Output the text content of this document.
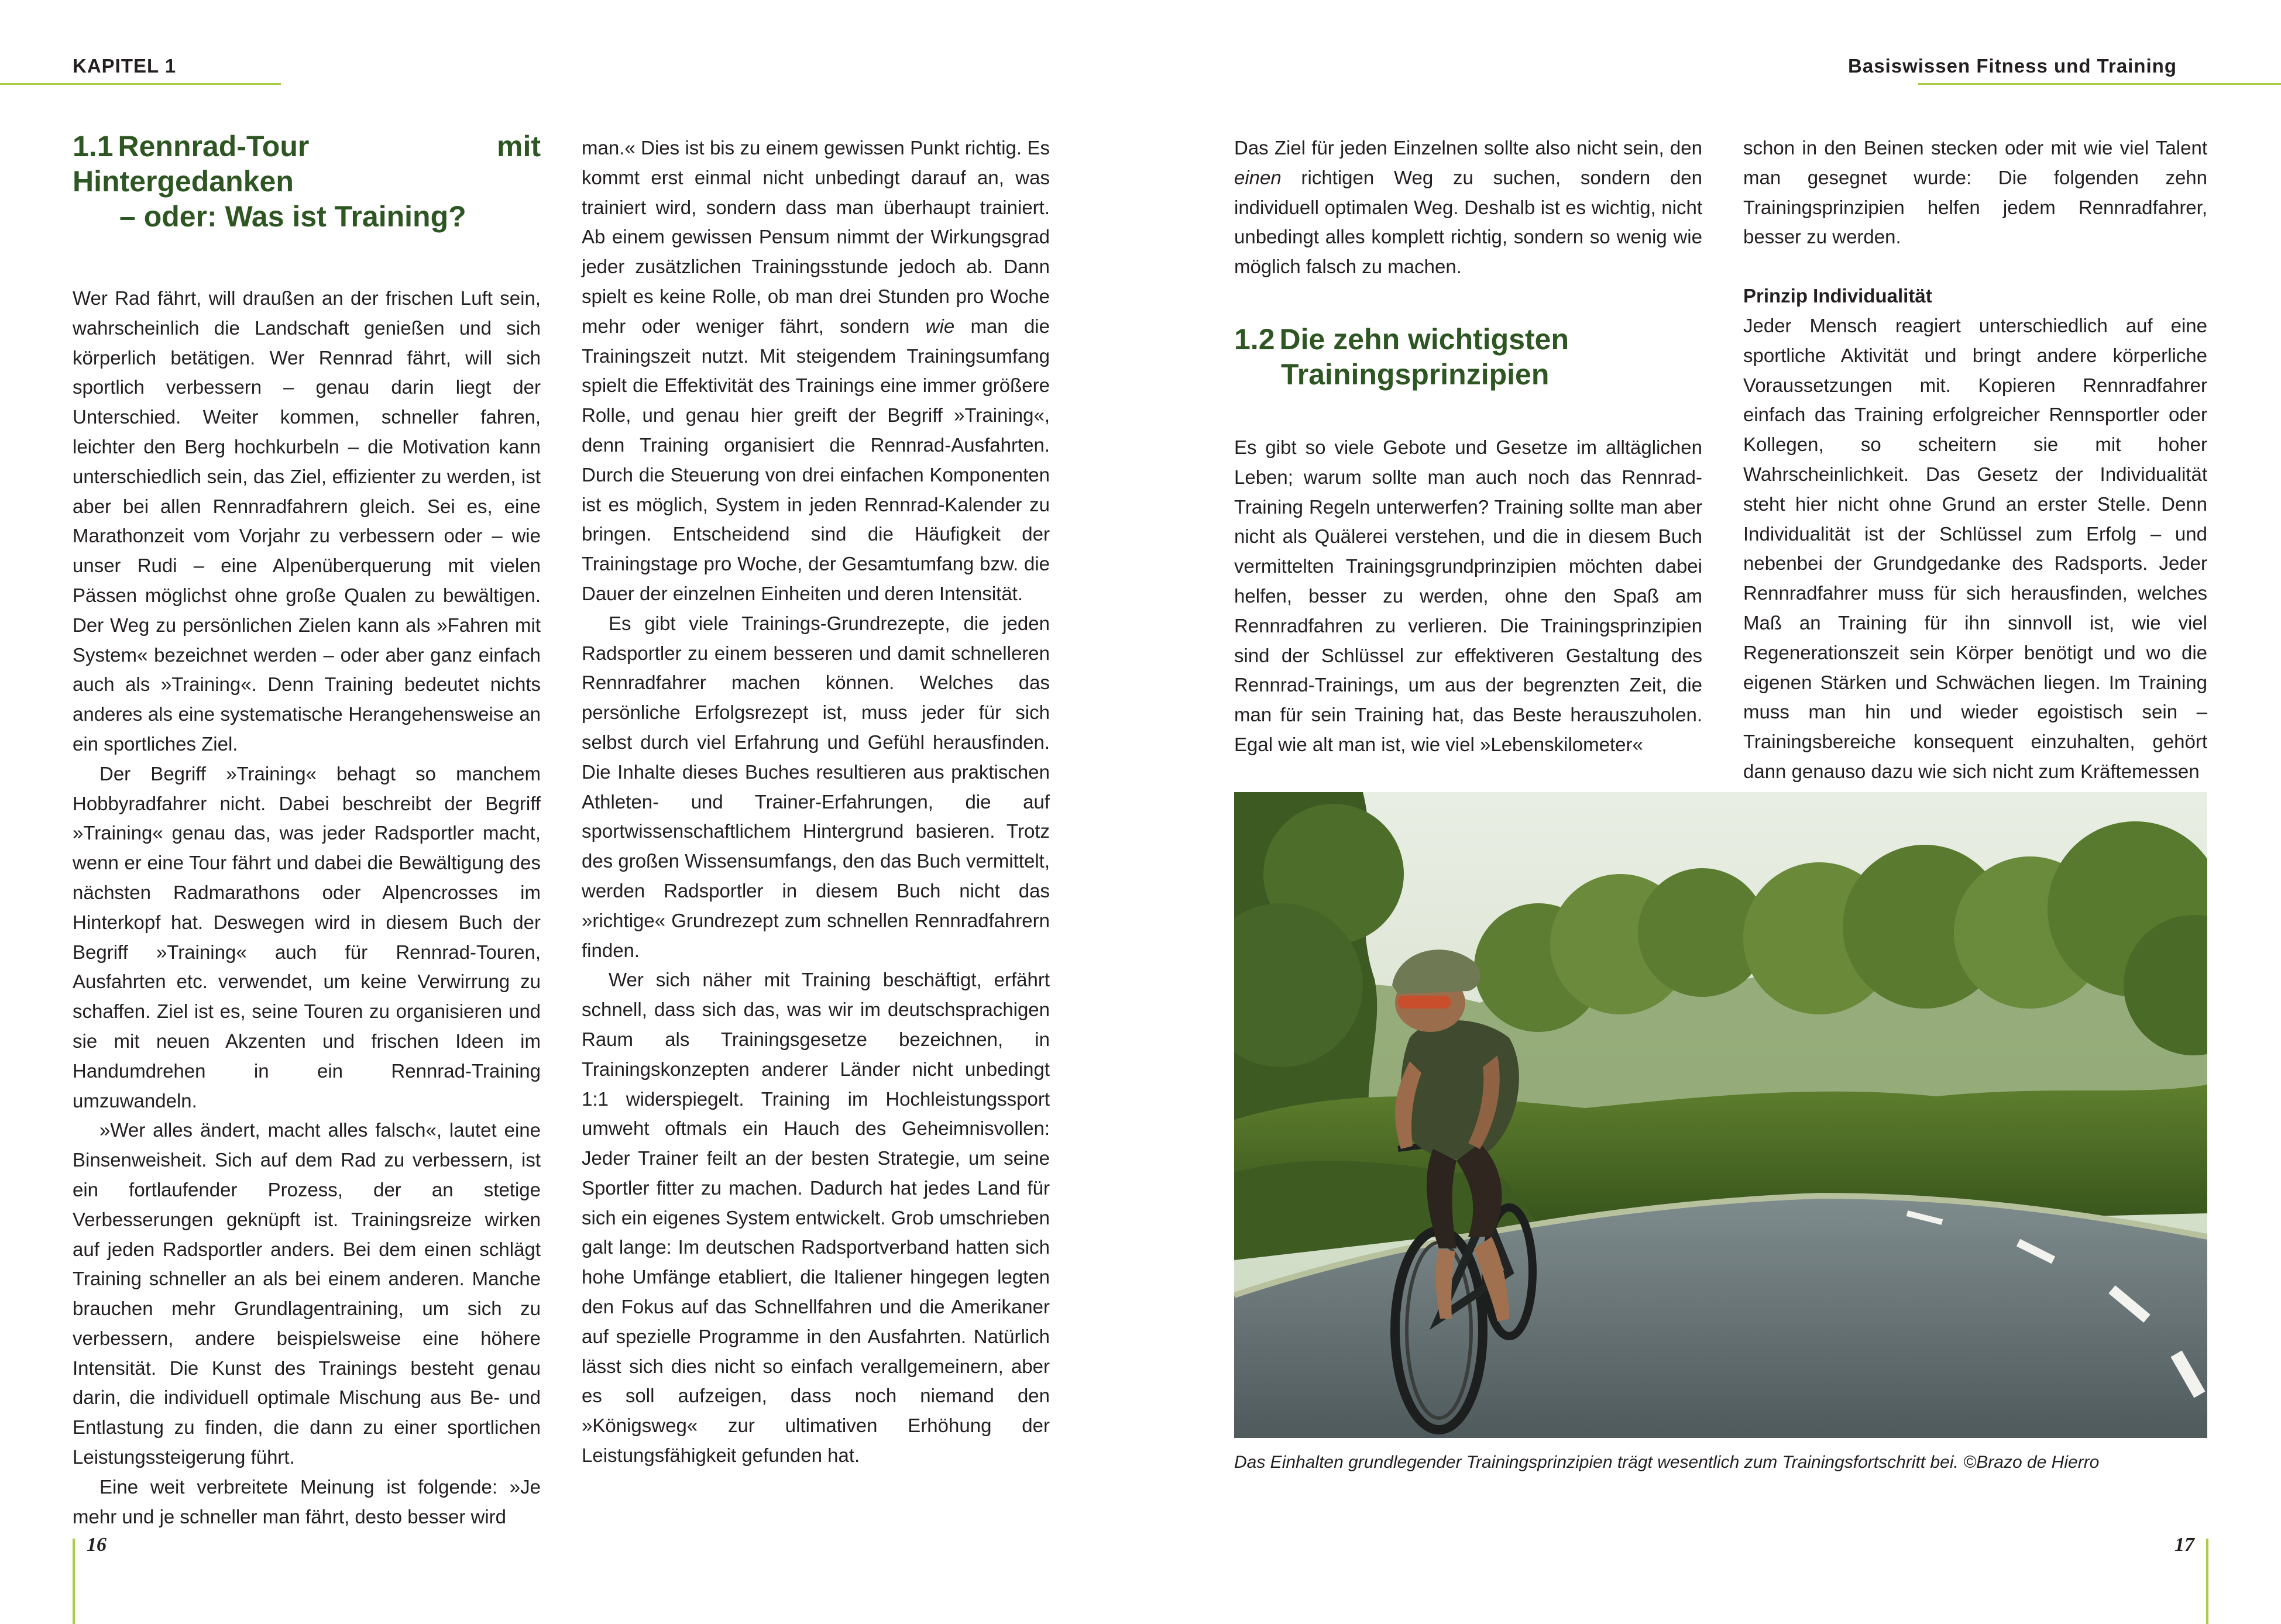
KAPITEL 1
1.1 Rennrad-Tour mit Hintergedanken
– oder: Was ist Training?

Wer Rad fährt, will draußen an der frischen Luft sein, wahrscheinlich die Landschaft genießen und sich körperlich betätigen. Wer Rennrad fährt, will sich sportlich verbessern – genau darin liegt der Unterschied. Weiter kommen, schneller fahren, leichter den Berg hochkurbeln – die Motivation kann unterschiedlich sein, das Ziel, effizienter zu werden, ist aber bei allen Rennradfahrern gleich. Sei es, eine Marathonzeit vom Vorjahr zu verbessern oder – wie unser Rudi – eine Alpenüberquerung mit vielen Pässen möglichst ohne große Qualen zu bewältigen. Der Weg zu persönlichen Zielen kann als »Fahren mit System« bezeichnet werden – oder aber ganz einfach auch als »Training«. Denn Training bedeutet nichts anderes als eine systematische Herangehensweise an ein sportliches Ziel.

Der Begriff »Training« behagt so manchem Hobbyradfahrer nicht. Dabei beschreibt der Begriff »Training« genau das, was jeder Radsportler macht, wenn er eine Tour fährt und dabei die Bewältigung des nächsten Radmarathons oder Alpencrosses im Hinterkopf hat. Deswegen wird in diesem Buch der Begriff »Training« auch für Rennrad-Touren, Ausfahrten etc. verwendet, um keine Verwirrung zu schaffen. Ziel ist es, seine Touren zu organisieren und sie mit neuen Akzenten und frischen Ideen im Handumdrehen in ein Rennrad-Training umzuwandeln.

»Wer alles ändert, macht alles falsch«, lautet eine Binsenweisheit. Sich auf dem Rad zu verbessern, ist ein fortlaufender Prozess, der an stetige Verbesserungen geknüpft ist. Trainingsreize wirken auf jeden Radsportler anders. Bei dem einen schlägt Training schneller an als bei einem anderen. Manche brauchen mehr Grundlagentraining, um sich zu verbessern, andere beispielsweise eine höhere Intensität. Die Kunst des Trainings besteht genau darin, die individuell optimale Mischung aus Be- und Entlastung zu finden, die dann zu einer sportlichen Leistungssteigerung führt.

Eine weit verbreitete Meinung ist folgende: »Je mehr und je schneller man fährt, desto besser wird

man.« Dies ist bis zu einem gewissen Punkt richtig. Es kommt erst einmal nicht unbedingt darauf an, was trainiert wird, sondern dass man überhaupt trainiert. Ab einem gewissen Pensum nimmt der Wirkungsgrad jeder zusätzlichen Trainingsstunde jedoch ab. Dann spielt es keine Rolle, ob man drei Stunden pro Woche mehr oder weniger fährt, sondern wie man die Trainingszeit nutzt. Mit steigendem Trainingsumfang spielt die Effektivität des Trainings eine immer größere Rolle, und genau hier greift der Begriff »Training«, denn Training organisiert die Rennrad-Ausfahrten. Durch die Steuerung von drei einfachen Komponenten ist es möglich, System in jeden Rennrad-Kalender zu bringen. Entscheidend sind die Häufigkeit der Trainingstage pro Woche, der Gesamtumfang bzw. die Dauer der einzelnen Einheiten und deren Intensität.

Es gibt viele Trainings-Grundrezepte, die jeden Radsportler zu einem besseren und damit schnelleren Rennradfahrer machen können. Welches das persönliche Erfolgsrezept ist, muss jeder für sich selbst durch viel Erfahrung und Gefühl herausfinden. Die Inhalte dieses Buches resultieren aus praktischen Athleten- und Trainer-Erfahrungen, die auf sportwissenschaftlichem Hintergrund basieren. Trotz des großen Wissensumfangs, den das Buch vermittelt, werden Radsportler in diesem Buch nicht das »richtige« Grundrezept zum schnellen Rennradfahrern finden.

Wer sich näher mit Training beschäftigt, erfährt schnell, dass sich das, was wir im deutschsprachigen Raum als Trainingsgesetze bezeichnen, in Trainingskonzepten anderer Länder nicht unbedingt 1:1 widerspiegelt. Training im Hochleistungssport umweht oftmals ein Hauch des Geheimnisvollen: Jeder Trainer feilt an der besten Strategie, um seine Sportler fitter zu machen. Dadurch hat jedes Land für sich ein eigenes System entwickelt. Grob umschrieben galt lange: Im deutschen Radsportverband hatten sich hohe Umfänge etabliert, die Italiener hingegen legten den Fokus auf das Schnellfahren und die Amerikaner auf spezielle Programme in den Ausfahrten. Natürlich lässt sich dies nicht so einfach verallgemeinern, aber es soll aufzeigen, dass noch niemand den »Königsweg« zur ultimativen Erhöhung der Leistungsfähigkeit gefunden hat.

16
Basiswissen Fitness und Training
17

Das Ziel für jeden Einzelnen sollte also nicht sein, den einen richtigen Weg zu suchen, sondern den individuell optimalen Weg. Deshalb ist es wichtig, nicht unbedingt alles komplett richtig, sondern so wenig wie möglich falsch zu machen.

1.2 Die zehn wichtigsten
Trainingsprinzipien

Es gibt so viele Gebote und Gesetze im alltäglichen Leben; warum sollte man auch noch das Rennrad-Training Regeln unterwerfen? Training sollte man aber nicht als Quälerei verstehen, und die in diesem Buch vermittelten Trainingsgrundprinzipien möchten dabei helfen, besser zu werden, ohne den Spaß am Rennradfahren zu verlieren. Die Trainingsprinzipien sind der Schlüssel zur effektiveren Gestaltung des Rennrad-Trainings, um aus der begrenzten Zeit, die man für sein Training hat, das Beste herauszuholen. Egal wie alt man ist, wie viel »Lebenskilometer«

schon in den Beinen stecken oder mit wie viel Talent man gesegnet wurde: Die folgenden zehn Trainingsprinzipien helfen jedem Rennradfahrer, besser zu werden.

Prinzip Individualität

Jeder Mensch reagiert unterschiedlich auf eine sportliche Aktivität und bringt andere körperliche Voraussetzungen mit. Kopieren Rennradfahrer einfach das Training erfolgreicher Rennsportler oder Kollegen, so scheitern sie mit hoher Wahrscheinlichkeit. Das Gesetz der Individualität steht hier nicht ohne Grund an erster Stelle. Denn Individualität ist der Schlüssel zum Erfolg – und nebenbei der Grundgedanke des Radsports. Jeder Rennradfahrer muss für sich herausfinden, welches Maß an Training für ihn sinnvoll ist, wie viel Regenerationszeit sein Körper benötigt und wo die eigenen Stärken und Schwächen liegen. Im Training muss man hin und wieder egoistisch sein – Trainingsbereiche konsequent einzuhalten, gehört dann genauso dazu wie sich nicht zum Kräftemessen

Das Einhalten grundlegender Trainingsprinzipien trägt wesentlich zum Trainingsfortschritt bei. ©Brazo de Hierro
